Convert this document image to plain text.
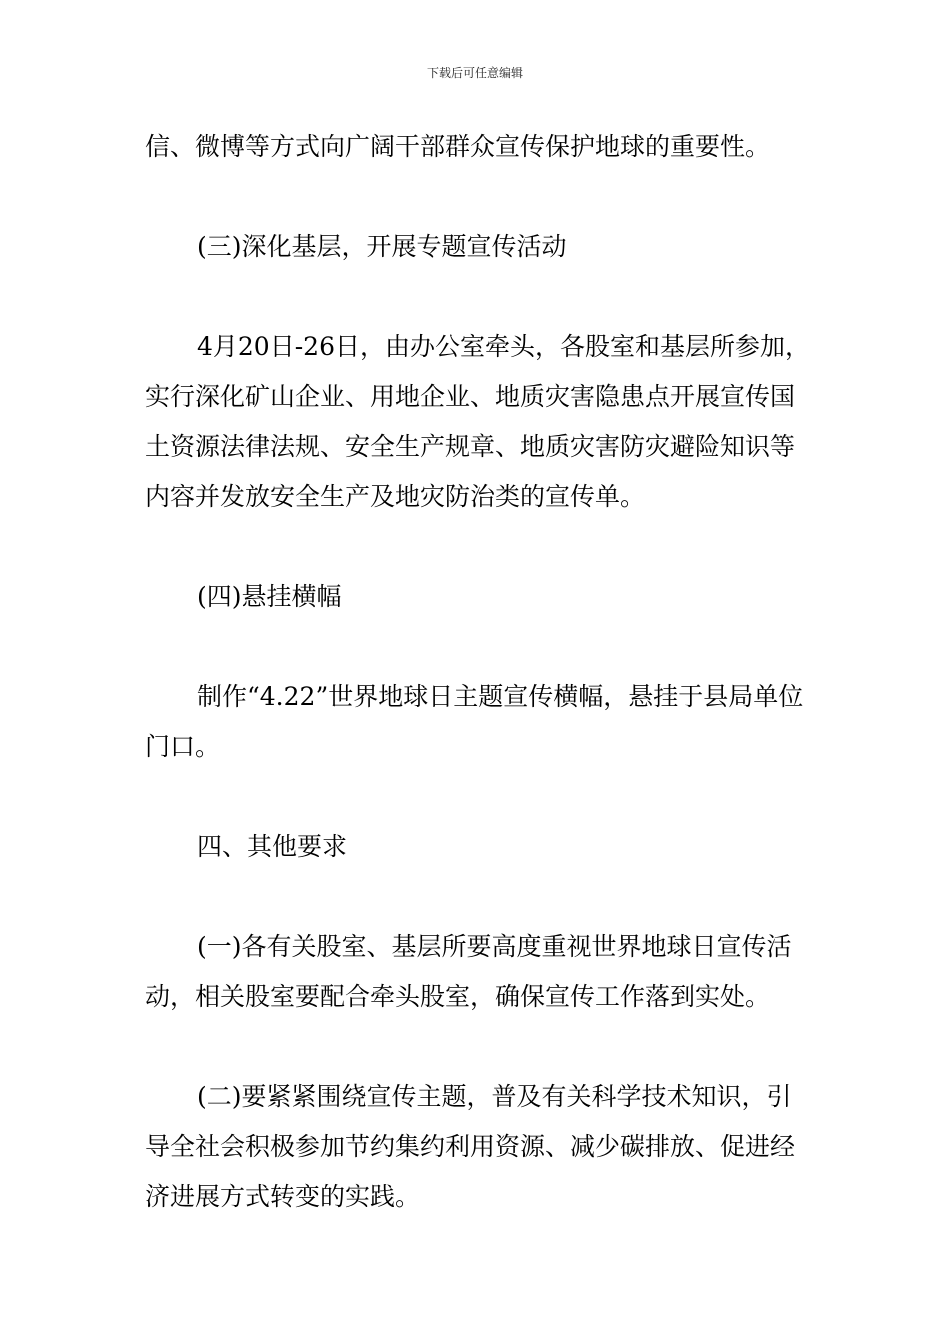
下载后可任意编辑

信、微博等方式向广阔干部群众宣传保护地球的重要性。

(三)深化基层，开展专题宣传活动

4月20日-26日，由办公室牵头，各股室和基层所参加，实行深化矿山企业、用地企业、地质灾害隐患点开展宣传国土资源法律法规、安全生产规章、地质灾害防灾避险知识等内容并发放安全生产及地灾防治类的宣传单。

(四)悬挂横幅

制作“4.22”世界地球日主题宣传横幅，悬挂于县局单位门口。

四、其他要求

(一)各有关股室、基层所要高度重视世界地球日宣传活动，相关股室要配合牵头股室，确保宣传工作落到实处。

(二)要紧紧围绕宣传主题，普及有关科学技术知识，引导全社会积极参加节约集约利用资源、减少碳排放、促进经济进展方式转变的实践。
